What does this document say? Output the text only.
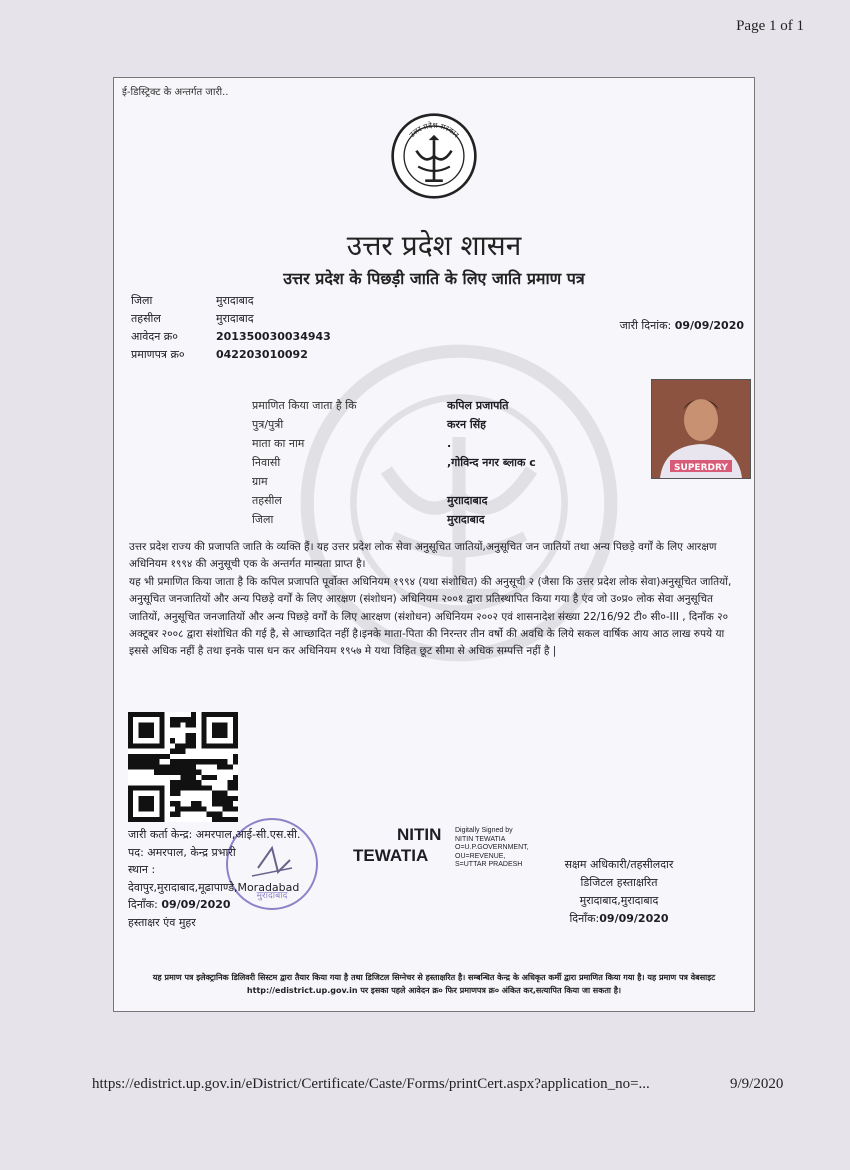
Page 1 of 1
ई-डिस्ट्रिक्ट के अन्तर्गत जारी..
उत्तर प्रदेश सरकार
उत्तर प्रदेश शासन
उत्तर प्रदेश के पिछड़ी जाति के लिए जाति प्रमाण पत्र
जिला	मुरादाबाद
तहसील	मुरादाबाद
आवेदन क्र०	201350030034943
प्रमाणपत्र क्र०	042203010092
जारी दिनांक: 09/09/2020
प्रमाणित किया जाता है कि	कपिल प्रजापति
पुत्र/पुत्री	करन सिंह
माता का नाम	.
निवासी	,गोविन्द नगर ब्लाक c
ग्राम
तहसील	मुराादाबाद
जिला	मुरादाबाद
SUPERDRY

उत्तर प्रदेश राज्य की प्रजापति जाति के व्यक्ति हैं। यह उत्तर प्रदेश लोक सेवा अनुसूचित जातियों,अनुसूचित जन जातियों तथा अन्य पिछड़े वर्गों के लिए आरक्षण अधिनियम १९९४ की अनुसूची एक के अन्तर्गत मान्यता प्राप्त है।

यह भी प्रमाणित किया जाता है कि कपिल प्रजापति पूर्वोक्त अधिनियम १९९४ (यथा संशोधित) की अनुसूची २ (जैसा कि उत्तर प्रदेश लोक सेवा)अनुसूचित जातियों, अनुसूचित जनजातियों और अन्य पिछड़े वर्गों के लिए आरक्षण (संशोधन) अधिनियम २००१ द्वारा प्रतिस्थापित किया गया है एंव जो उ०प्र० लोक सेवा अनुसूचित जातियों, अनुसूचित जनजातियों और अन्य पिछड़े वर्गों के लिए आरक्षण (संशोधन) अधिनियम २००२ एवं शासनादेश संख्या 22/16/92 टी० सी०-III , दिनाँक २० अक्टूबर २००८ द्वारा संशोधित की गई है, से आच्छादित नहीं है।इनके माता-पिता की निरन्तर तीन वर्षो की अवधि के लिये सकल वार्षिक आय आठ लाख रुपये या इससे अधिक नहीं है तथा इनके पास धन कर अधिनियम १९५७ मे यथा विहित छूट सीमा से अधिक सम्पत्ति नहीं है |

मुरादाबाद
जारी कर्ता केन्द्र: अमरपाल,आई-सी.एस.सी.
पद: अमरपाल, केन्द्र प्रभारी
स्थान :
देवापुर,मुरादाबाद,मूढापाण्डे,Moradabad
दिनाँक: 09/09/2020
हस्ताक्षर एंव मुहर
NITIN
TEWATIA
Digitally Signed by
NITIN TEWATIA
O=U.P.GOVERNMENT,
OU=REVENUE,
S=UTTAR PRADESH	सक्षम अधिकारी/तहसीलदार
डिजिटल हस्ताक्षरित
मुरादाबाद,मुरादाबाद
दिनाँक:09/09/2020
यह प्रमाण पत्र इलेक्ट्रानिक डिलिवरी सिस्टम द्वारा तैयार किया गया है तथा डिजिटल सिग्नेचर से हस्ताक्षरित है। सम्बन्धित केन्द्र के अधिकृत कर्मी द्वारा प्रमाणित किया गया है। यह प्रमाण पत्र वेबसाइट http://edistrict.up.gov.in पर इसका पहले आवेदन क्र० फिर प्रमाणपत्र क्र० अंकित कर,सत्यापित किया जा सकता है।
https://edistrict.up.gov.in/eDistrict/Certificate/Caste/Forms/printCert.aspx?application_no=...	9/9/2020
